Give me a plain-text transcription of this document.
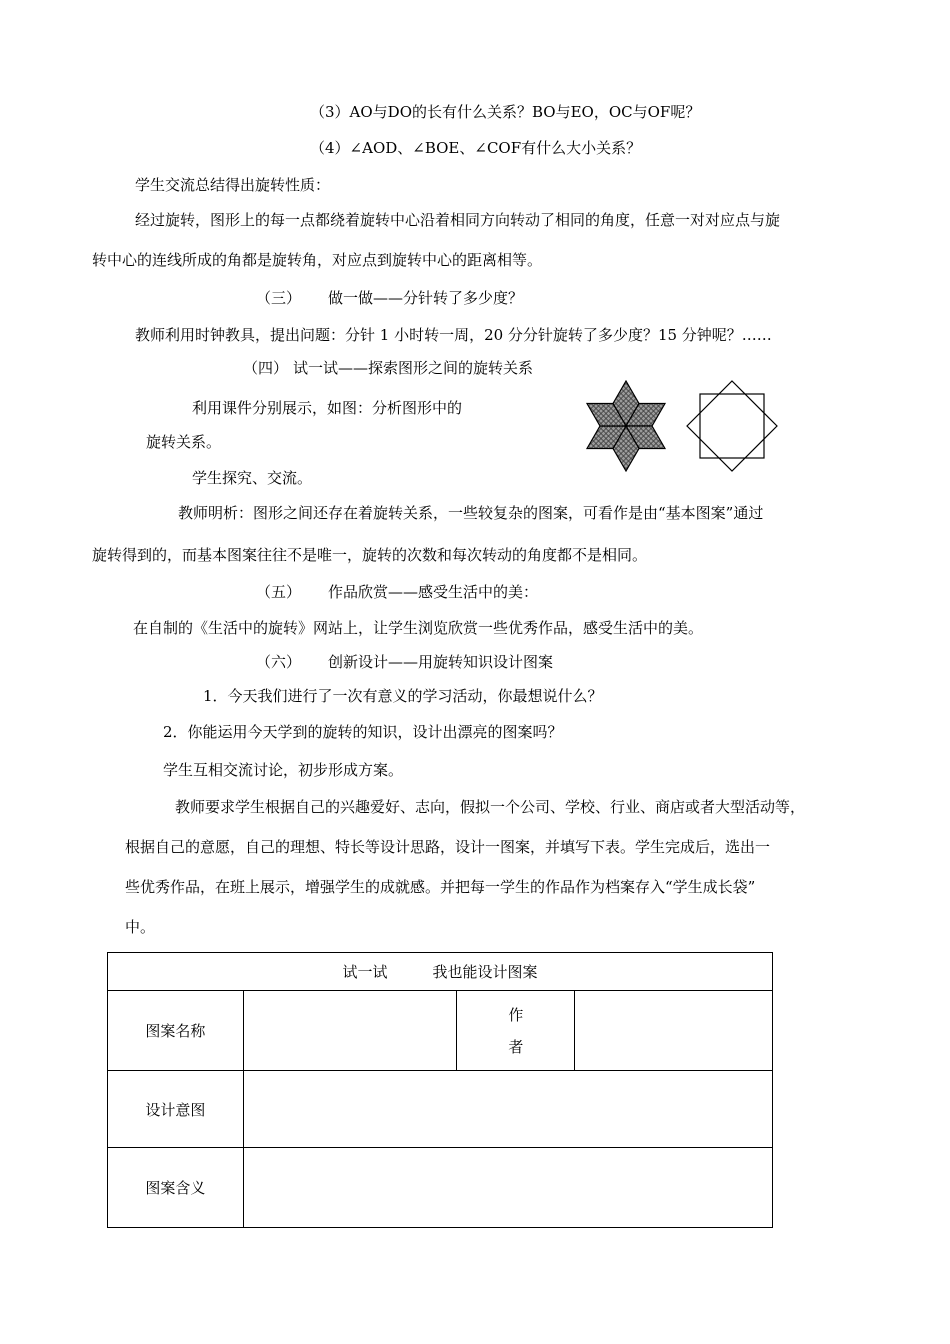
（3）AO与DO的长有什么关系？BO与EO，OC与OF呢？
（4）∠AOD、∠BOE、∠COF有什么大小关系？
学生交流总结得出旋转性质：
经过旋转，图形上的每一点都绕着旋转中心沿着相同方向转动了相同的角度，任意一对对应点与旋
转中心的连线所成的角都是旋转角，对应点到旋转中心的距离相等。
（三） 做一做——分针转了多少度？
教师利用时钟教具，提出问题：分针 1 小时转一周，20 分分针旋转了多少度？15 分钟呢？……
（四） 试一试——探索图形之间的旋转关系
利用课件分别展示，如图：分析图形中的
旋转关系。
学生探究、交流。
教师明析：图形之间还存在着旋转关系，一些较复杂的图案，可看作是由“基本图案”通过
旋转得到的，而基本图案往往不是唯一，旋转的次数和每次转动的角度都不是相同。
（五） 作品欣赏——感受生活中的美：
在自制的《生活中的旋转》网站上，让学生浏览欣赏一些优秀作品，感受生活中的美。
（六） 创新设计——用旋转知识设计图案
1．今天我们进行了一次有意义的学习活动，你最想说什么？
2．你能运用今天学到的旋转的知识，设计出漂亮的图案吗？
学生互相交流讨论，初步形成方案。
教师要求学生根据自己的兴趣爱好、志向，假拟一个公司、学校、行业、商店或者大型活动等，
根据自己的意愿，自己的理想、特长等设计思路，设计一图案，并填写下表。学生完成后，选出一
些优秀作品，在班上展示，增强学生的成就感。并把每一学生的作品作为档案存入“学生成长袋”
中。
试一试　　　我也能设计图案			
图案名称		作
者	

设计意图			
图案含义			
